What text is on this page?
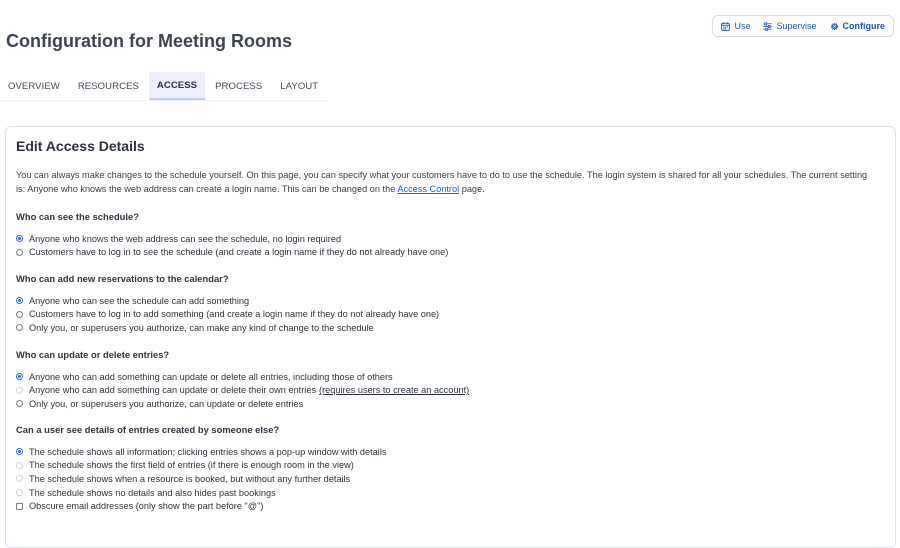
Use	Supervise	Configure
Configuration for Meeting Rooms
OVERVIEW	RESOURCES	ACCESS	PROCESS	LAYOUT
Edit Access Details

You can always make changes to the schedule yourself. On this page, you can specify what your customers have to do to use the schedule. The login system is shared for all your schedules. The current setting is: Anyone who knows the web address can create a login name. This can be changed on the Access Control page.

Who can see the schedule?
Anyone who knows the web address can see the schedule, no login required
Customers have to log in to see the schedule (and create a login name if they do not already have one)
Who can add new reservations to the calendar?
Anyone who can see the schedule can add something
Customers have to log in to add something (and create a login name if they do not already have one)
Only you, or superusers you authorize, can make any kind of change to the schedule
Who can update or delete entries?
Anyone who can add something can update or delete all entries, including those of others
Anyone who can add something can update or delete their own entries (requires users to create an account)
Only you, or superusers you authorize, can update or delete entries
Can a user see details of entries created by someone else?
The schedule shows all information; clicking entries shows a pop-up window with details
The schedule shows the first field of entries (if there is enough room in the view)
The schedule shows when a resource is booked, but without any further details
The schedule shows no details and also hides past bookings
Obscure email addresses (only show the part before "@")
